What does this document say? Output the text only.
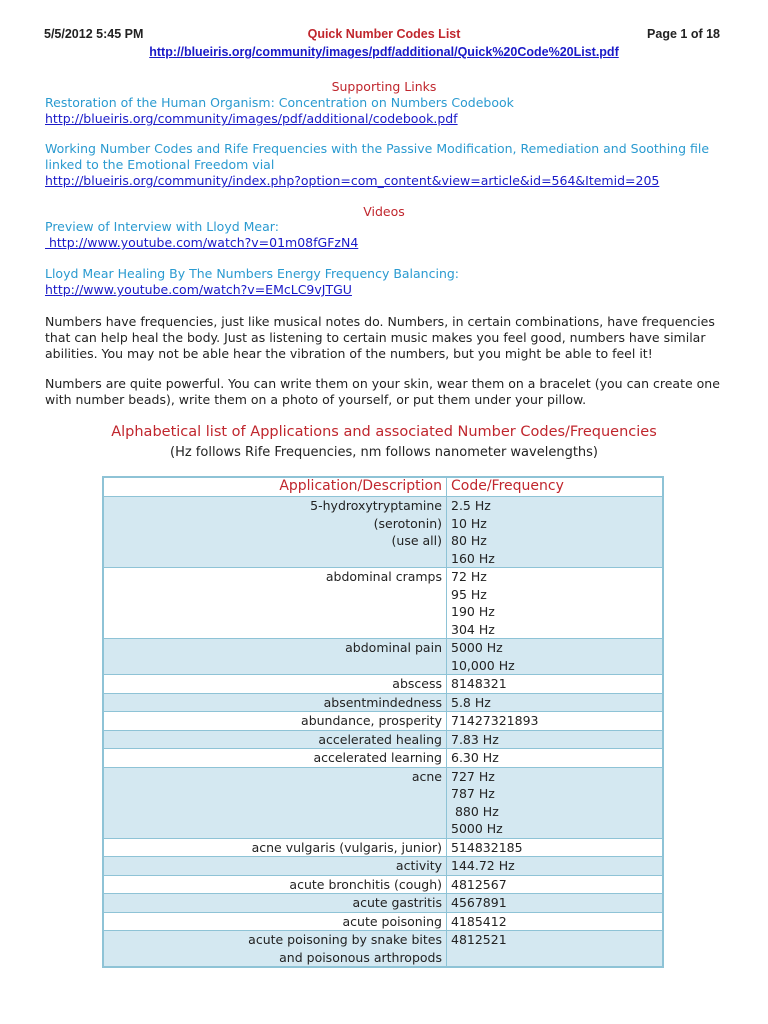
5/5/2012 5:45 PM	Quick Number Codes List	Page 1 of 18
http://blueiris.org/community/images/pdf/additional/Quick%20Code%20List.pdf
Supporting Links
Restoration of the Human Organism: Concentration on Numbers Codebook
http://blueiris.org/community/images/pdf/additional/codebook.pdf
Working Number Codes and Rife Frequencies with the Passive Modification, Remediation and Soothing file linked to the Emotional Freedom vial
http://blueiris.org/community/index.php?option=com_content&view=article&id=564&Itemid=205
Videos
Preview of Interview with Lloyd Mear:
http://www.youtube.com/watch?v=01m08fGFzN4
Lloyd Mear Healing By The Numbers Energy Frequency Balancing:
http://www.youtube.com/watch?v=EMcLC9vJTGU
Numbers have frequencies, just like musical notes do. Numbers, in certain combinations, have frequencies that can help heal the body. Just as listening to certain music makes you feel good, numbers have similar abilities. You may not be able hear the vibration of the numbers, but you might be able to feel it!
Numbers are quite powerful. You can write them on your skin, wear them on a bracelet (you can create one with number beads), write them on a photo of yourself, or put them under your pillow.
Alphabetical list of Applications and associated Number Codes/Frequencies
(Hz follows Rife Frequencies, nm follows nanometer wavelengths)
Application/Description	Code/Frequency

5-hydroxytryptamine
(serotonin)
(use all)	2.5 Hz
10 Hz
80 Hz
160 Hz

abdominal cramps	72 Hz
95 Hz
190 Hz
304 Hz

abdominal pain	5000 Hz
10,000 Hz

abscess	8148321

absentmindedness	5.8 Hz

abundance, prosperity	71427321893

accelerated healing	7.83 Hz

accelerated learning	6.30 Hz

acne	727 Hz
787 Hz
880 Hz
5000 Hz

acne vulgaris (vulgaris, junior)	514832185

activity	144.72 Hz

acute bronchitis (cough)	4812567

acute gastritis	4567891

acute poisoning	4185412

acute poisoning by snake bites
and poisonous arthropods	4812521
